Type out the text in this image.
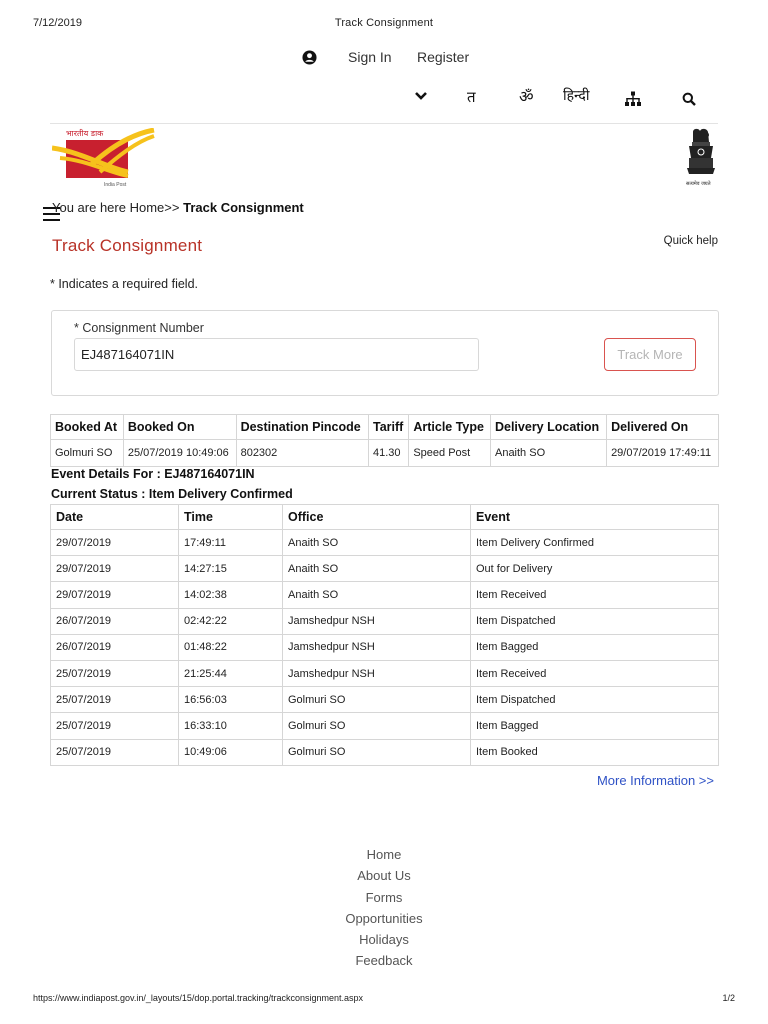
7/12/2019	Track Consignment
Sign In Register
त	ॐ हिन्दी
भारतीय डाक
India Post	सत्यमेव जयते
You are here Home>> Track Consignment
Track Consignment	Quick help
* Indicates a required field.
* Consignment Number
EJ487164071IN
Track More
Booked At	Booked On	Destination Pincode	Tariff	Article Type	Delivery Location	Delivered On
Golmuri SO	25/07/2019 10:49:06	802302	41.30	Speed Post	Anaith SO	29/07/2019 17:49:11
Event Details For : EJ487164071IN
Current Status : Item Delivery Confirmed
Date	Time	Office	Event
29/07/2019	17:49:11	Anaith SO	Item Delivery Confirmed
29/07/2019	14:27:15	Anaith SO	Out for Delivery
29/07/2019	14:02:38	Anaith SO	Item Received
26/07/2019	02:42:22	Jamshedpur NSH	Item Dispatched
26/07/2019	01:48:22	Jamshedpur NSH	Item Bagged
25/07/2019	21:25:44	Jamshedpur NSH	Item Received
25/07/2019	16:56:03	Golmuri SO	Item Dispatched
25/07/2019	16:33:10	Golmuri SO	Item Bagged
25/07/2019	10:49:06	Golmuri SO	Item Booked
More Information >>
Home
About Us
Forms
Opportunities
Holidays
Feedback
https://www.indiapost.gov.in/_layouts/15/dop.portal.tracking/trackconsignment.aspx	1/2
